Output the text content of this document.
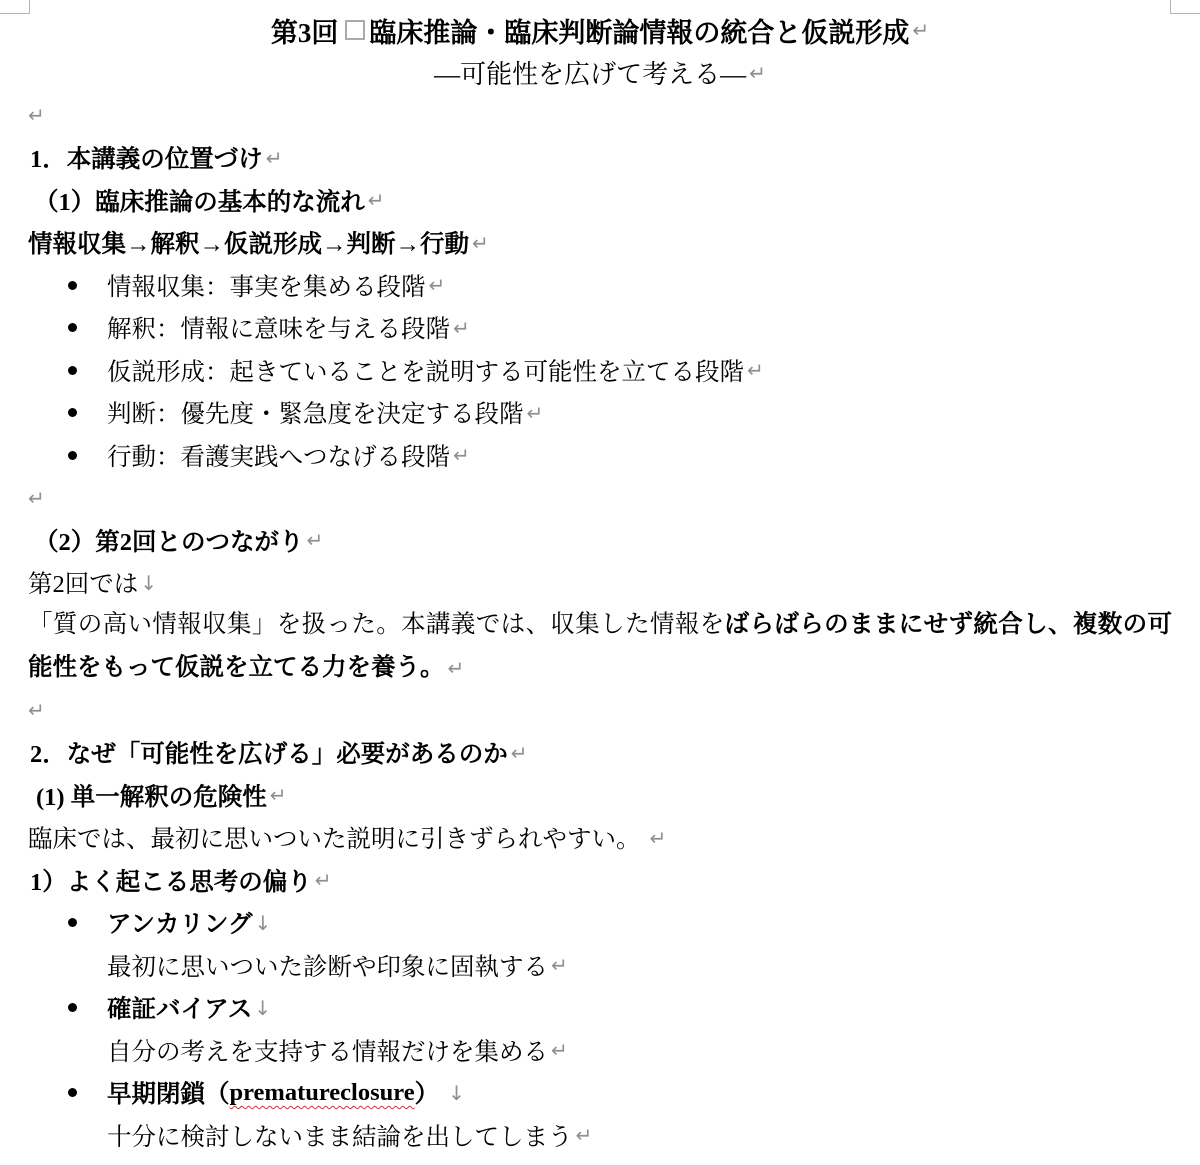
第3回 臨床推論・臨床判断論情報の統合と仮説形成 ↵
―可能性を広げて考える― ↵
↵
1．本講義の位置づけ ↵
（1）臨床推論の基本的な流れ ↵
情報収集→解釈→仮説形成→判断→行動 ↵
情報収集：事実を集める段階 ↵
解釈：情報に意味を与える段階 ↵
仮説形成：起きていることを説明する可能性を立てる段階 ↵
判断：優先度・緊急度を決定する段階 ↵
行動：看護実践へつなげる段階 ↵
↵
（2）第2回とのつながり ↵
第2回では ↓
「質の高い情報収集」を扱った。本講義では、収集した情報をばらばらのままにせず統合し、複数の可能性をもって仮説を立てる力を養う。 ↵
↵
2．なぜ「可能性を広げる」必要があるのか ↵
(1) 単一解釈の危険性 ↵
臨床では、最初に思いついた説明に引きずられやすい。 ↵
1）よく起こる思考の偏り ↵
アンカリング ↓
最初に思いついた診断や印象に固執する ↵
確証バイアス ↓
自分の考えを支持する情報だけを集める ↵
早期閉鎖（ prematureclosure ） ↓
十分に検討しないまま結論を出してしまう ↵
